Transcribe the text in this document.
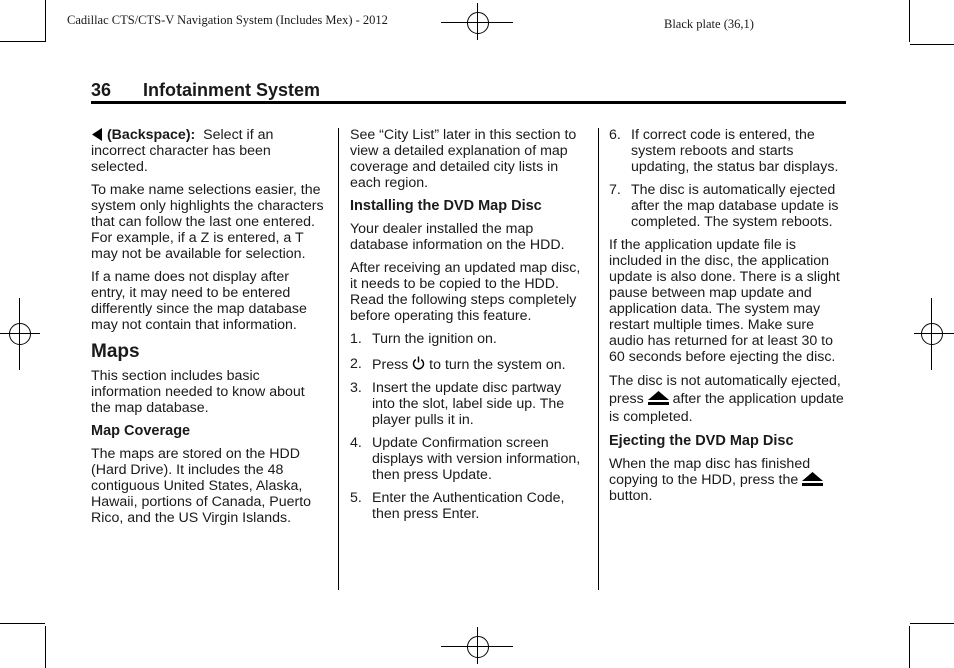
Cadillac CTS/CTS-V Navigation System (Includes Mex) - 2012	Black plate (36,1)
36 Infotainment System

(Backspace): Select if an incorrect character has been selected.

To make name selections easier, the system only highlights the characters that can follow the last one entered. For example, if a Z is entered, a T may not be available for selection.

If a name does not display after entry, it may need to be entered differently since the map database may not contain that information.

Maps

This section includes basic information needed to know about the map database.

Map Coverage

The maps are stored on the HDD (Hard Drive). It includes the 48 contiguous United States, Alaska, Hawaii, portions of Canada, Puerto Rico, and the US Virgin Islands.

See “City List” later in this section to view a detailed explanation of map coverage and detailed city lists in each region.

Installing the DVD Map Disc

Your dealer installed the map database information on the HDD.

After receiving an updated map disc, it needs to be copied to the HDD. Read the following steps completely before operating this feature.

1. Turn the ignition on.
2. Press to turn the system on.
3. Insert the update disc partway into the slot, label side up. The player pulls it in.
4. Update Confirmation screen displays with version information, then press Update.
5. Enter the Authentication Code, then press Enter.
6. If correct code is entered, the system reboots and starts updating, the status bar displays.
7. The disc is automatically ejected after the map database update is completed. The system reboots.

If the application update file is included in the disc, the application update is also done. There is a slight pause between map update and application data. The system may restart multiple times. Make sure audio has returned for at least 30 to 60 seconds before ejecting the disc.

The disc is not automatically ejected, press after the application update is completed.

Ejecting the DVD Map Disc

When the map disc has finished copying to the HDD, press the  button.
